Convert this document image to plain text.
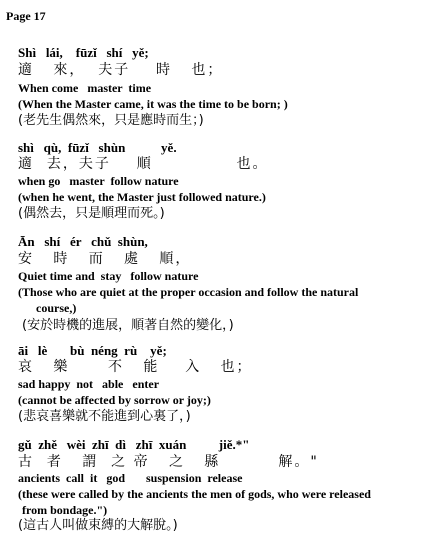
Page 17
Shì   lái,    fūzǐ   shí   yě;
適   來，  夫子    時   也；
When come   master  time
(When the Master came, it was the time to be born; )
(老先生偶然來，只是應時而生；)
shì   qù,  fūzǐ   shùn           yě.
適  去，夫子    順             也。
when go   master  follow nature
(when he went, the Master just followed nature.)
(偶然去，只是順理而死。)
Ān   shí   ér   chǔ  shùn,
安   時   而   處   順，
Quiet time and  stay   follow nature
(Those who are quiet at the proper occasion and follow the natural
course,)
(安於時機的進展，順著自然的變化，)
āi   lè       bù  néng  rù    yě;
哀   樂      不   能    入   也；
sad happy  not   able   enter
(cannot be affected by sorrow or joy;)
(悲哀喜樂就不能進到心裏了，)
gǔ  zhě   wèi  zhī  dì   zhī  xuán          jiě.*"
古  者   謂  之 帝   之   縣         解。"
ancients  call  it   god       suspension  release
(these were called by the ancients the men of gods, who were released
from bondage.")
(這古人叫做束縛的大解脫。)
